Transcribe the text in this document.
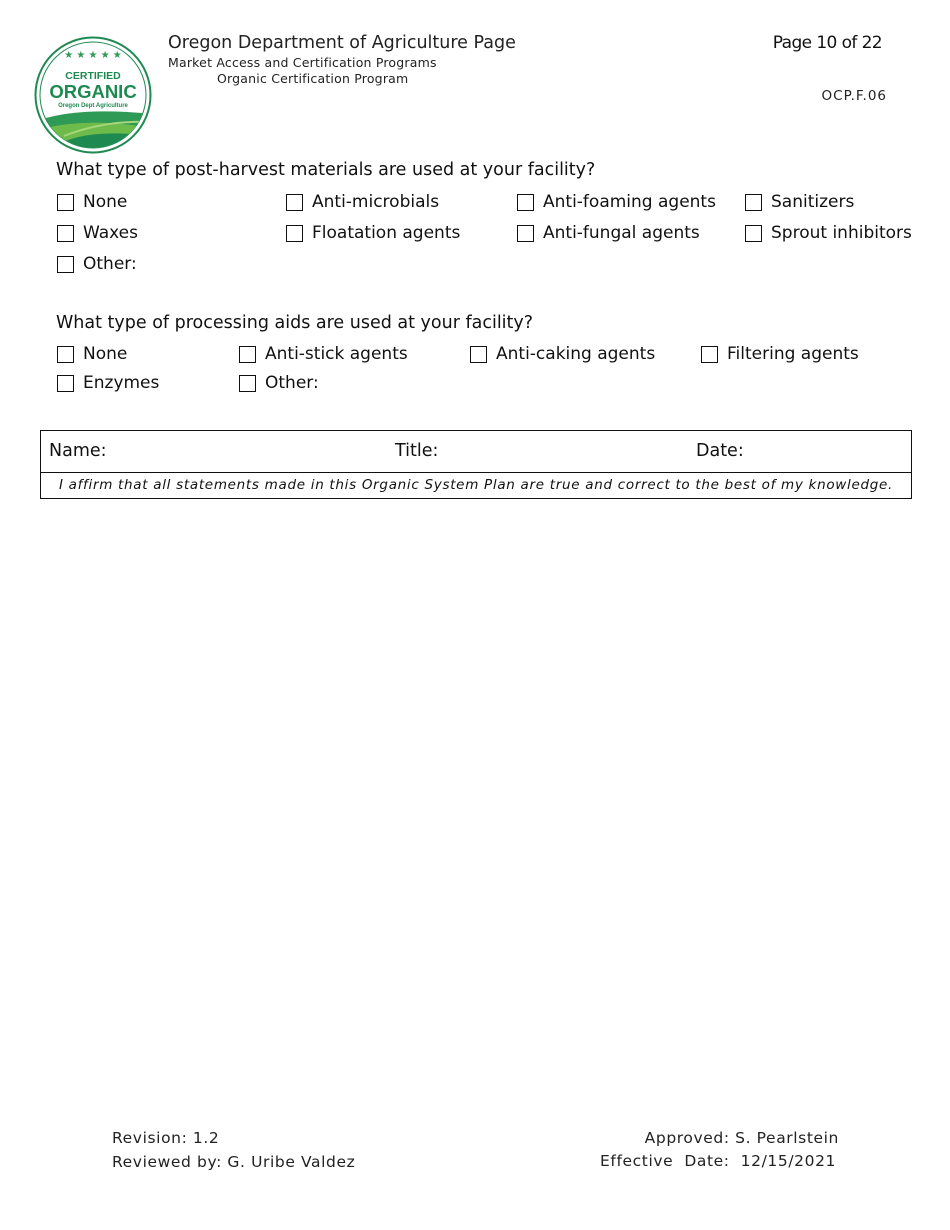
★ ★ ★ ★ ★
CERTIFIED
ORGANIC
Oregon Dept Agriculture
Oregon Department of Agriculture Page
Market Access and Certification Programs
Organic Certification Program
Page 10 of 22
OCP.F.06
What type of post-harvest materials are used at your facility?
None	Anti-microbials	Anti-foaming agents	Sanitizers
Waxes	Floatation agents	Anti-fungal agents	Sprout inhibitors
Other:
What type of processing aids are used at your facility?
None	Anti-stick agents	Anti-caking agents	Filtering agents
Enzymes	Other:
Name:	Title:	Date:
I affirm that all statements made in this Organic System Plan are true and correct to the best of my knowledge.
Revision: 1.2
Reviewed by: G. Uribe Valdez
Approved: S. Pearlstein
Effective  Date:  12/15/2021
